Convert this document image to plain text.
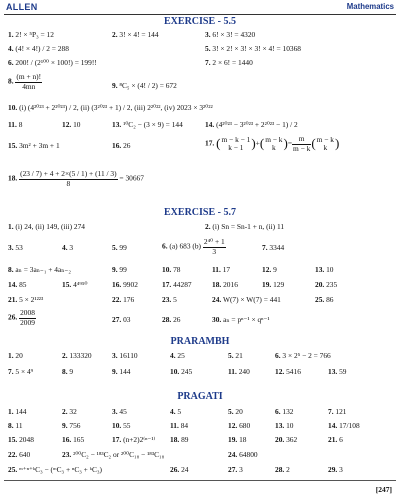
ALLEN	Mathematics
EXERCISE - 5.5
1. 2! × ⁵P₃ = 12	2. 3! × 4! = 144	3. 6! × 3! = 4320
4. (4! × 4!) / 2 = 288	5. 3! × 2! × 3! × 3! × 4! = 10368
6. 200! / (2¹⁰⁰ × 100!) = 199!!	7. 2 × 6! = 1440
8. $\frac{(m + n)!}{4mn}$	9. ⁸C₅ × (4! / 2) = 672
10. (i) (4²⁰²³ + 2²⁰²³) / 2, (ii) (3²⁰²³ + 1) / 2, (iii) 2²⁰²², (iv) 2023 × 3²⁰²²
11. 8	12. 10	13. ¹⁰C₂ − (3 × 9) = 144	14. (4²⁰²³ − 3²⁰²³ + 2²⁰²³ − 1) / 2
15. 3m² + 3m + 1	16. 26	17. ( m − k − 1
k − 1 )+( m − k
k )= $\frac{m}{m - k}$ ( m − k
k )
18. $\frac{(23 / 7) + 4 + 2\times(5 / 1) + (11 / 3)}{8} = 30667$
EXERCISE - 5.7
1. (i) 24, (ii) 149, (iii) 274	2. (i) Sn = Sn-1 + n, (ii) 11
3. 53	4. 3	5. 99	6. (a) 683 $(b) \frac{\text{2⁴⁰ + 1}}{3}$	7. 3344
8. aₙ = 3aₙ₋₁ + 4aₙ₋₂	9. 99	10. 78	11. 17	12. 9	13. 10
14. 85	15. 4⁴⁹⁵⁰	16. 9902	17. 44287	18. 2016	19. 129	20. 235
21. 5 × 2¹²²³	22. 176	23. 5	24. W(7) × W(7) = 441	25. 86
26. $\frac{2008}{2009}$	27. 03	28. 26	30. aₙ = pⁿ⁻¹ × qⁿ⁻¹
PRARAMBH
1. 20	2. 133320	3. 16110	4. 25	5. 21	6. 3 × 2⁵ − 2 = 766
7. 5 × 4⁹	8. 9	9. 144	10. 245	11. 240	12. 5416	13. 59
PRAGATI
1. 144	2. 32	3. 45	4. 5	5. 20	6. 132	7. 121
8. 11	9. 756	10. 55	11. 84	12. 680	13. 10	14. 17/108
15. 2048	16. 165	17. (n+2)2⁽ⁿ⁻¹⁾ 18. 89	19. 18	20. 362	21. 6
22. 640	23. ²⁰⁰C₂ − ¹⁸³C₂ or ²⁰⁰C₁₈ − ¹⁸³C₁₈	24. 64800
25. ᵐ⁺ⁿ⁺ᵏC₃ − (ᵐC₃ + ⁿC₃ + ᵏC₃)	26. 24	27. 3	28. 2	29. 3
[247]
